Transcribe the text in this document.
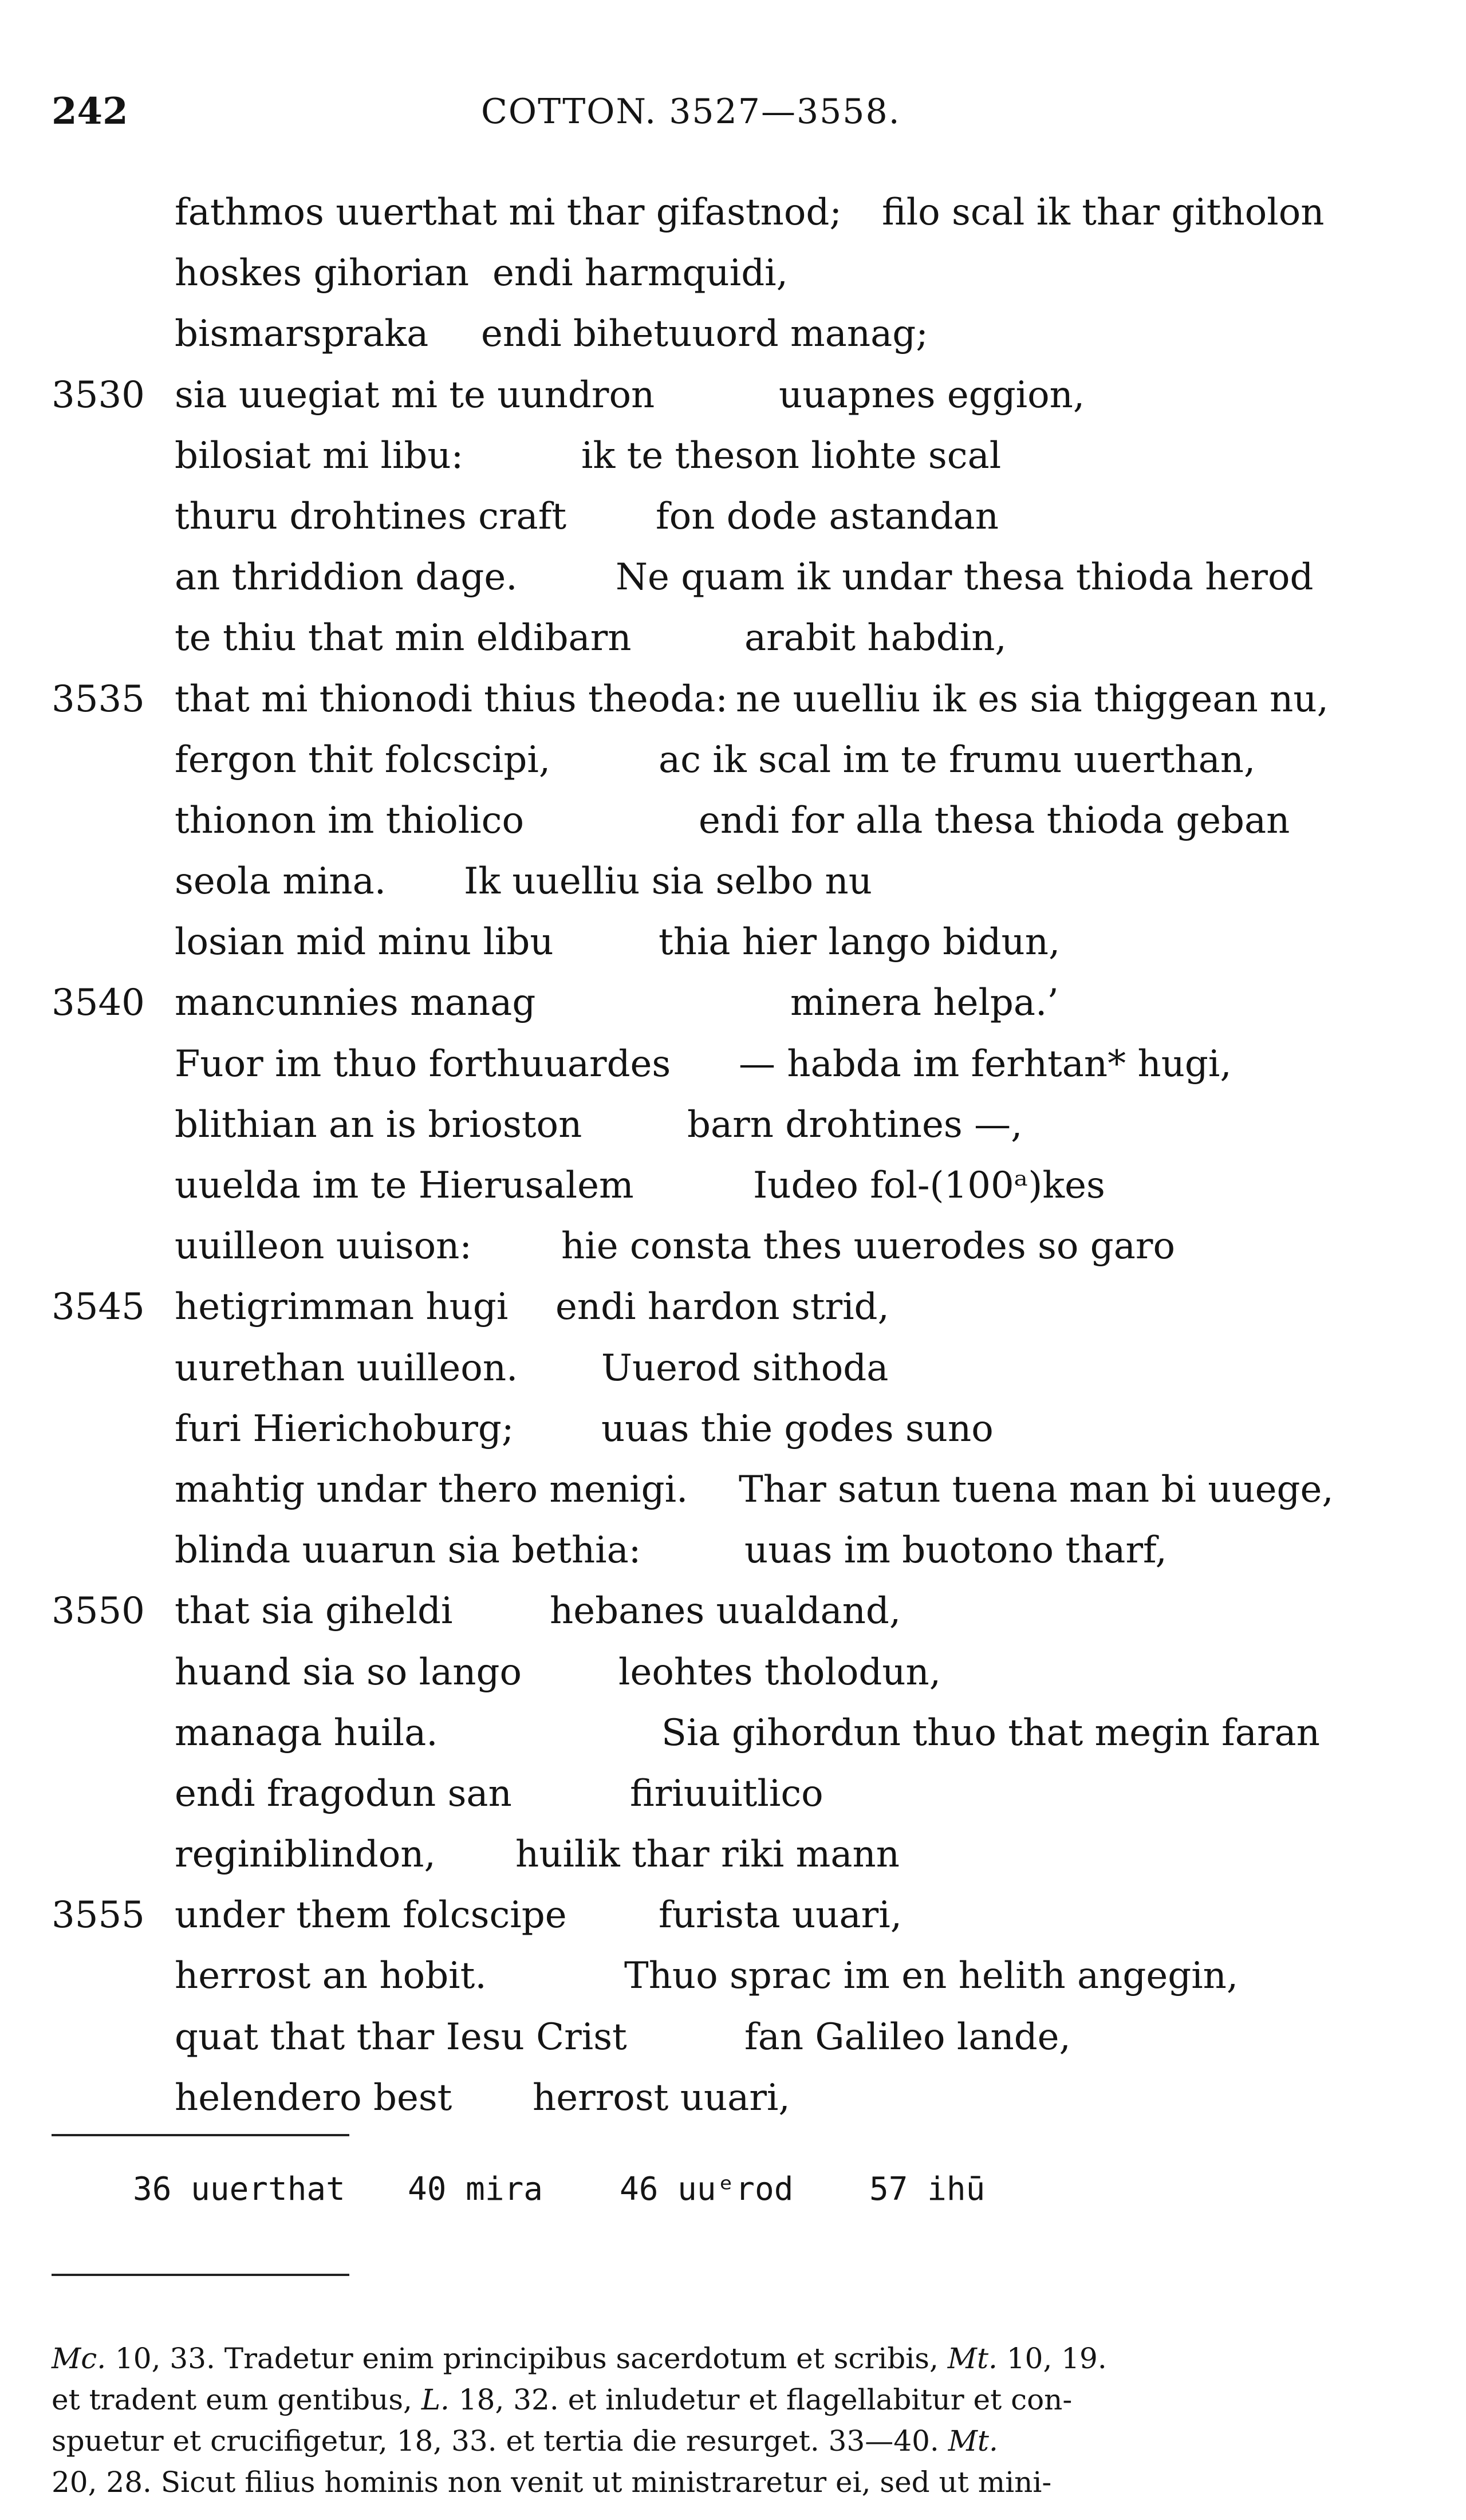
242	COTTON. 3527—3558.
fathmos uuerthat mi thar gifastnod; filo scal ik thar githolon
hoskes gihorian endi harmquidi,
bismarspraka endi bihetuuord manag;
3530 sia uuegiat mi te uundron	uuapnes eggion,
bilosiat mi libu:	ik te theson liohte scal
thuru drohtines craft fon dode astandan
an thriddion dage.	Ne quam ik undar thesa thioda herod
te thiu that min eldibarn	arabit habdin,
3535 that mi thionodi thius theoda: ne uuelliu ik es sia thiggean nu,
fergon thit folcscipi,	ac ik scal im te frumu uuerthan,
thionon im thiolico	endi for alla thesa thioda geban
seola mina. Ik uuelliu sia selbo nu
losian mid minu libu	thia hier lango bidun,
3540 mancunnies manag	minera helpa.’
Fuor im thuo forthuuardes — habda im ferhtan* hugi,
blithian an is brioston	barn drohtines —,
uuelda im te Hierusalem	Iudeo fol-(100ᵃ)kes
uuilleon uuison: hie consta thes uuerodes so garo
3545 hetigrimman hugi endi hardon strid,
uurethan uuilleon. Uuerod sithoda
furi Hierichoburg; uuas thie godes suno
mahtig undar thero menigi. Thar satun tuena man bi uuege,
blinda uuarun sia bethia:	uuas im buotono tharf,
3550 that sia giheldi	hebanes uualdand,
huand sia so lango	leohtes tholodun,
managa huila.	Sia gihordun thuo that megin faran
endi fragodun san	firiuuitlico
reginiblindon, huilik thar riki mann
3555 under them folcscipe	furista uuari,
herrost an hobit.	Thuo sprac im en helith angegin,
quat that thar Iesu Crist	fan Galileo lande,
helendero best herrost uuari,
36 uuerthat 40 mira 46 uuᵉrod 57 ihū
Mc. 10, 33. Tradetur enim principibus sacerdotum et scribis, Mt. 10, 19.
et tradent eum gentibus, L. 18, 32. et inludetur et flagellabitur et con-
spuetur et crucifigetur, 18, 33. et tertia die resurget. 33—40. Mt.
20, 28. Sicut filius hominis non venit ut ministraretur ei, sed ut mini-
